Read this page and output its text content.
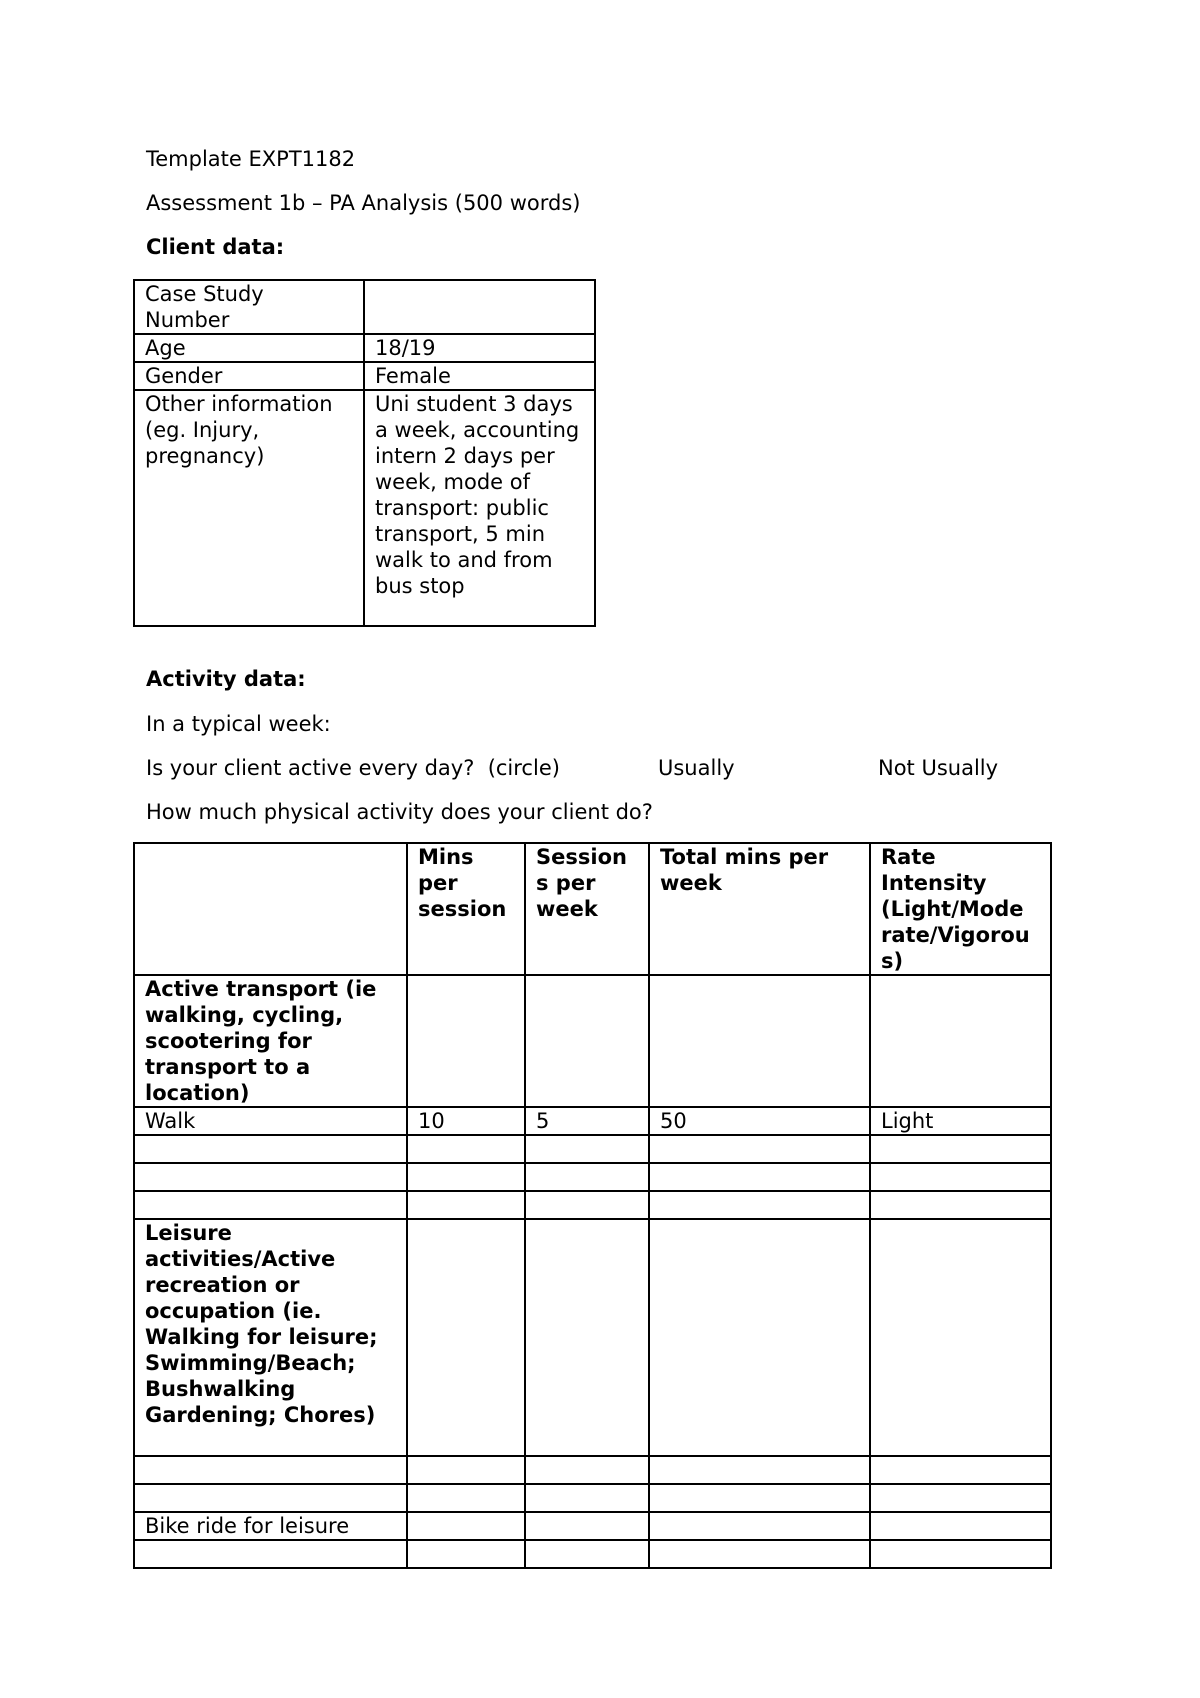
Template EXPT1182
Assessment 1b – PA Analysis (500 words)
Client data:
Case Study Number	
Age	18/19
Gender	Female
Other information (eg. Injury, pregnancy)	Uni student 3 days a week, accounting intern 2 days per week, mode of transport: public transport, 5 min walk to and from bus stop
Activity data:
In a typical week:
Is your client active every day?  (circle)	Usually	Not Usually
How much physical activity does your client do?
	Mins per session	Session s per week	Total mins per week	Rate Intensity (Light/Mode rate/Vigorou s)
Active transport (ie walking, cycling, scootering for transport to a location)				
Walk	10	5	50	Light

Leisure activities/Active recreation or occupation (ie. Walking for leisure; Swimming/Beach; Bushwalking Gardening; Chores)				

Bike ride for leisure				
